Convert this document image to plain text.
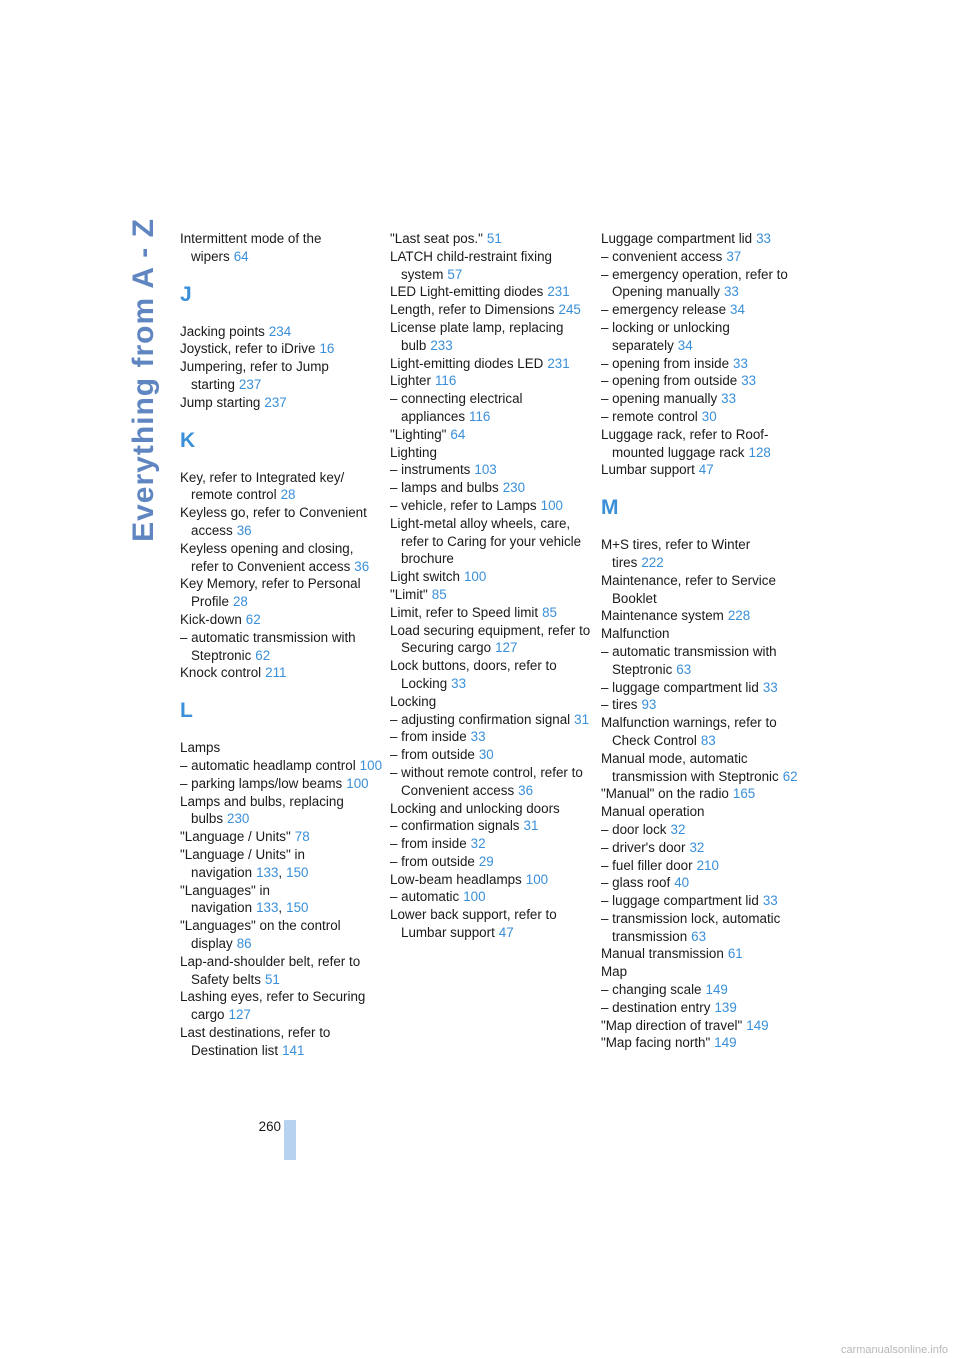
Everything from A - Z Intermittent mode of the wipers 64
J
Jacking points 234
Joystick, refer to iDrive 16
Jumpering, refer to Jump starting 237
Jump starting 237
K
Key, refer to Integrated key/ remote control 28
Keyless go, refer to Convenient access 36
Keyless opening and closing, refer to Convenient access 36
Key Memory, refer to Personal Profile 28
Kick-down 62
– automatic transmission with Steptronic 62
Knock control 211
L
Lamps
– automatic headlamp control 100
– parking lamps/low beams 100
Lamps and bulbs, replacing bulbs 230
"Language / Units" 78
"Language / Units" in navigation 133, 150
"Languages" in navigation 133, 150
"Languages" on the control display 86
Lap-and-shoulder belt, refer to Safety belts 51
Lashing eyes, refer to Securing cargo 127
Last destinations, refer to Destination list 141
"Last seat pos." 51
LATCH child-restraint fixing system 57
LED Light-emitting diodes 231
Length, refer to Dimensions 245
License plate lamp, replacing bulb 233
Light-emitting diodes LED 231
Lighter 116
– connecting electrical appliances 116
"Lighting" 64
Lighting
– instruments 103
– lamps and bulbs 230
– vehicle, refer to Lamps 100
Light-metal alloy wheels, care, refer to Caring for your vehicle brochure
Light switch 100
"Limit" 85
Limit, refer to Speed limit 85
Load securing equipment, refer to Securing cargo 127
Lock buttons, doors, refer to Locking 33
Locking
– adjusting confirmation signal 31
– from inside 33
– from outside 30
– without remote control, refer to Convenient access 36
Locking and unlocking doors
– confirmation signals 31
– from inside 32
– from outside 29
Low-beam headlamps 100
– automatic 100
Lower back support, refer to Lumbar support 47
Luggage compartment lid 33
– convenient access 37
– emergency operation, refer to Opening manually 33
– emergency release 34
– locking or unlocking separately 34
– opening from inside 33
– opening from outside 33
– opening manually 33
– remote control 30
Luggage rack, refer to Roof-mounted luggage rack 128
Lumbar support 47
M
M+S tires, refer to Winter tires 222
Maintenance, refer to Service Booklet
Maintenance system 228
Malfunction
– automatic transmission with Steptronic 63
– luggage compartment lid 33
– tires 93
Malfunction warnings, refer to Check Control 83
Manual mode, automatic transmission with Steptronic 62
"Manual" on the radio 165
Manual operation
– door lock 32
– driver's door 32
– fuel filler door 210
– glass roof 40
– luggage compartment lid 33
– transmission lock, automatic transmission 63
Manual transmission 61
Map
– changing scale 149
– destination entry 139
"Map direction of travel" 149
"Map facing north" 149
260
carmanualsonline.info
